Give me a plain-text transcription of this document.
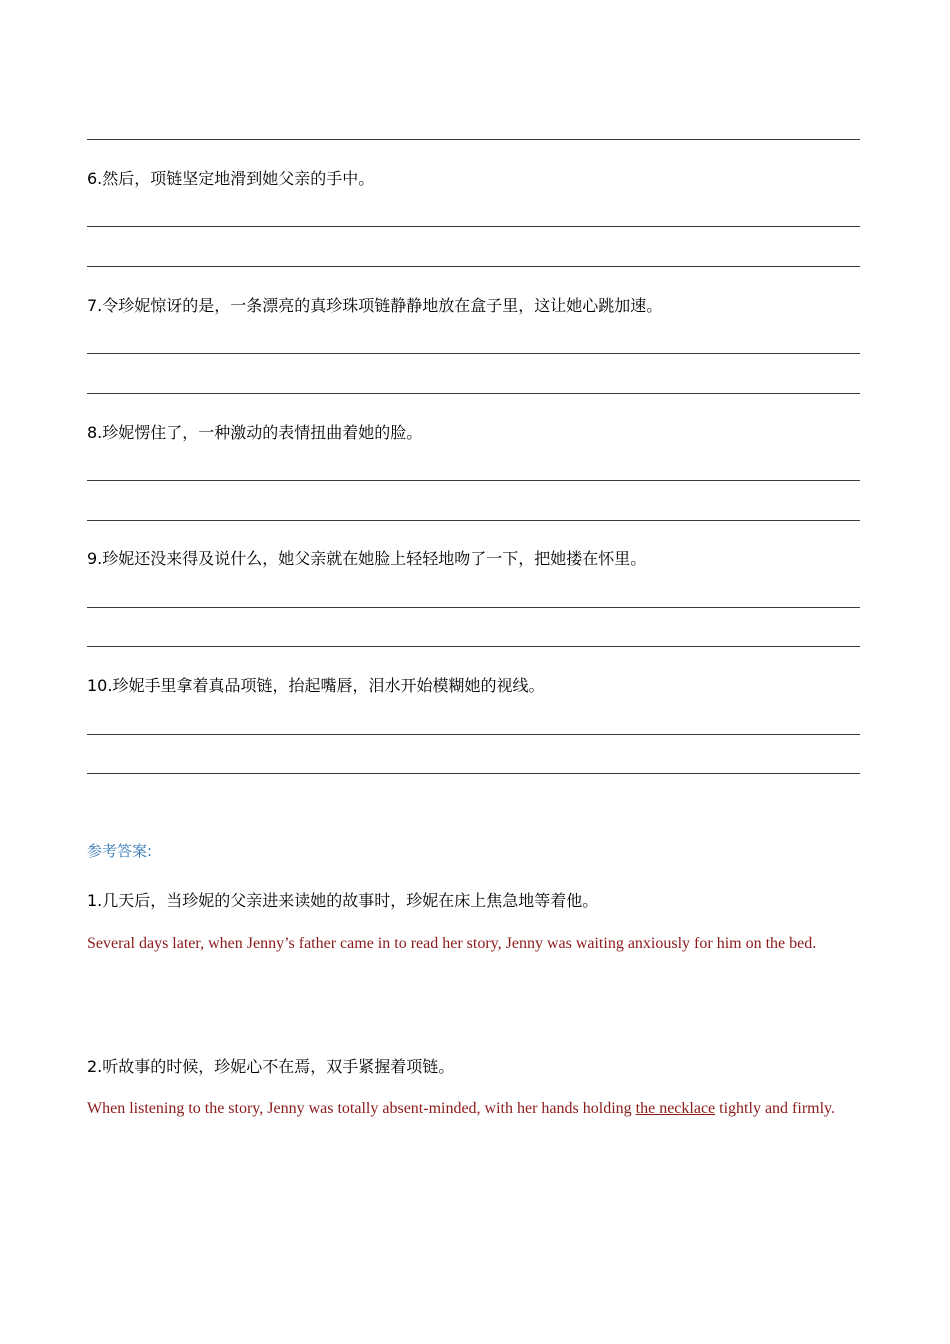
6.然后，项链坚定地滑到她父亲的手中。
7.令珍妮惊讶的是，一条漂亮的真珍珠项链静静地放在盒子里，这让她心跳加速。
8.珍妮愣住了，一种激动的表情扭曲着她的脸。
9.珍妮还没来得及说什么，她父亲就在她脸上轻轻地吻了一下，把她搂在怀里。
10.珍妮手里拿着真品项链，抬起嘴唇，泪水开始模糊她的视线。
参考答案:
1.几天后，当珍妮的父亲进来读她的故事时，珍妮在床上焦急地等着他。
Several days later, when Jenny’s father came in to read her story, Jenny was waiting anxiously for him on the bed.
2.听故事的时候，珍妮心不在焉，双手紧握着项链。
When listening to the story, Jenny was totally absent-minded, with her hands holding the necklace tightly and firmly.
